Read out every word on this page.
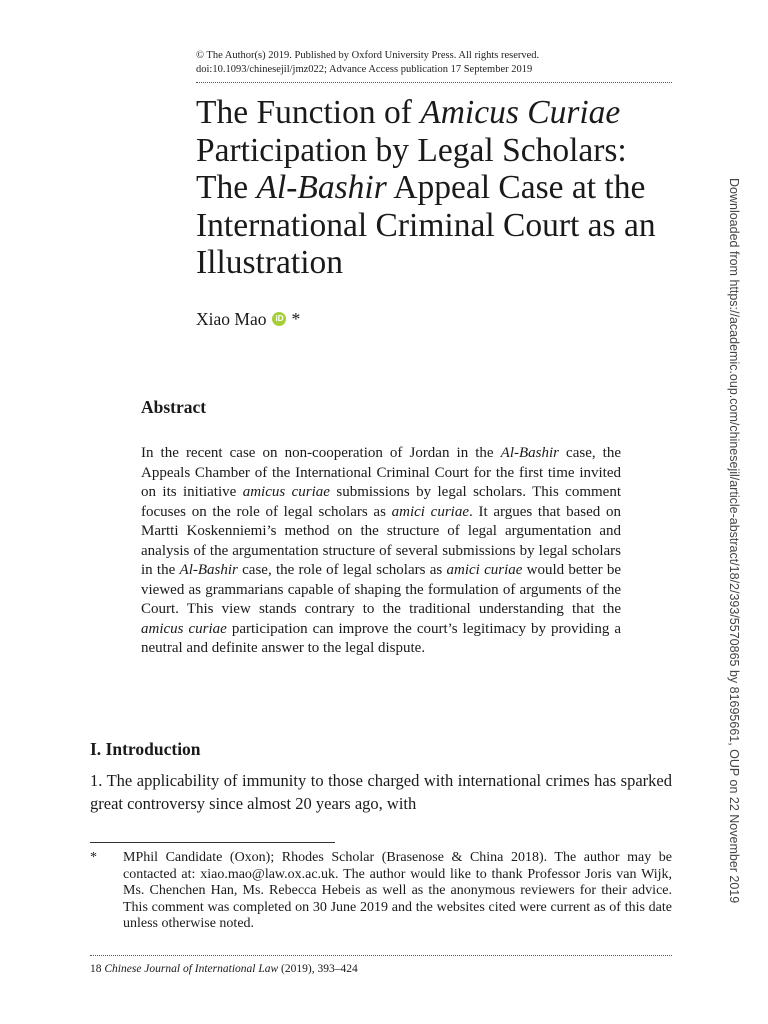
© The Author(s) 2019. Published by Oxford University Press. All rights reserved.
doi:10.1093/chinesejil/jmz022; Advance Access publication 17 September 2019
The Function of Amicus Curiae Participation by Legal Scholars: The Al-Bashir Appeal Case at the International Criminal Court as an Illustration
Xiao Mao	iD *
Abstract

In the recent case on non-cooperation of Jordan in the Al-Bashir case, the Appeals Chamber of the International Criminal Court for the first time invited on its initiative amicus curiae submissions by legal scholars. This comment focuses on the role of legal scholars as amici curiae. It argues that based on Martti Koskenniemi’s method on the structure of legal argumentation and analysis of the argumentation structure of several submissions by legal scholars in the Al-Bashir case, the role of legal scholars as amici curiae would better be viewed as grammarians capable of shaping the formulation of arguments of the Court. This view stands contrary to the traditional understanding that the amicus curiae participation can improve the court’s legitimacy by providing a neutral and definite answer to the legal dispute.

I. Introduction

1. The applicability of immunity to those charged with international crimes has sparked great controversy since almost 20 years ago, with

*	MPhil Candidate (Oxon); Rhodes Scholar (Brasenose & China 2018). The author may be contacted at: xiao.mao@law.ox.ac.uk. The author would like to thank Professor Joris van Wijk, Ms. Chenchen Han, Ms. Rebecca Hebeis as well as the anonymous reviewers for their advice. This comment was completed on 30 June 2019 and the websites cited were current as of this date unless otherwise noted.
18 Chinese Journal of International Law (2019), 393–424
Downloaded from https://academic.oup.com/chinesejil/article-abstract/18/2/393/5570865 by 81695661, OUP on 22 November 2019
